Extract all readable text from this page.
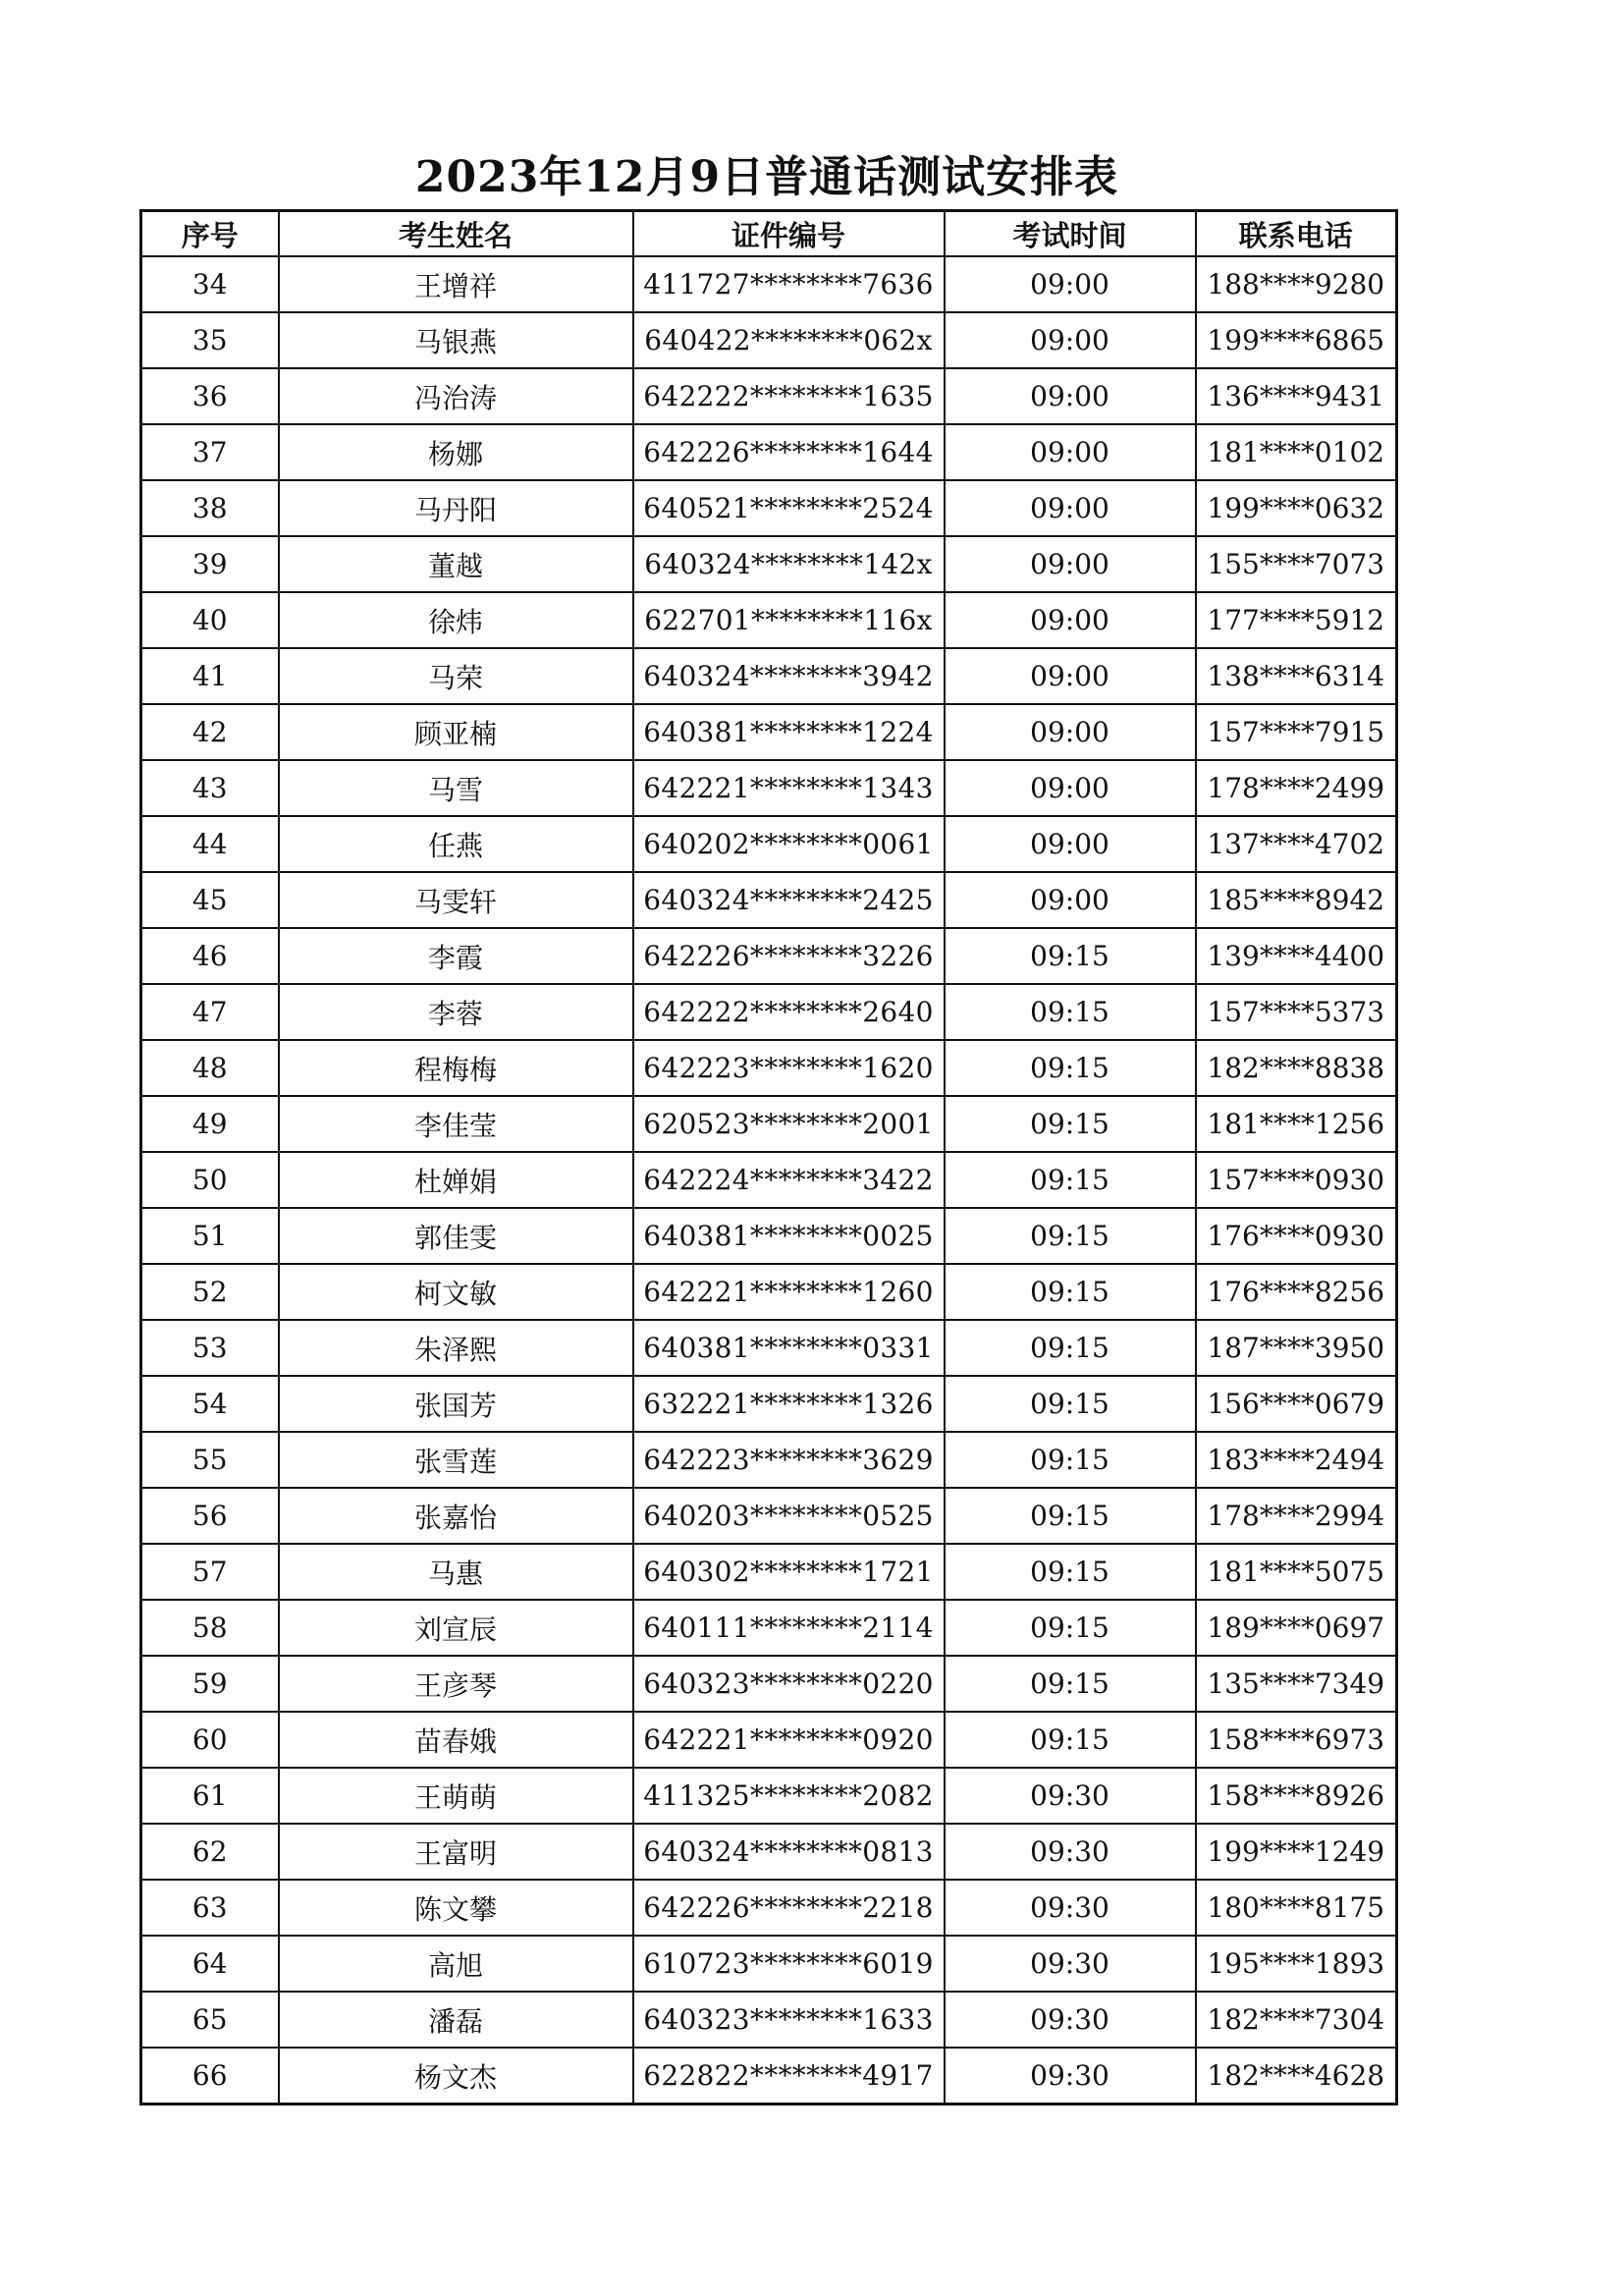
2023年12月9日普通话测试安排表
序号	考生姓名	证件编号	考试时间	联系电话
34	王增祥	411727********7636	09:00	188****9280
35	马银燕	640422********062x	09:00	199****6865
36	冯治涛	642222********1635	09:00	136****9431
37	杨娜	642226********1644	09:00	181****0102
38	马丹阳	640521********2524	09:00	199****0632
39	董越	640324********142x	09:00	155****7073
40	徐炜	622701********116x	09:00	177****5912
41	马荣	640324********3942	09:00	138****6314
42	顾亚楠	640381********1224	09:00	157****7915
43	马雪	642221********1343	09:00	178****2499
44	任燕	640202********0061	09:00	137****4702
45	马雯轩	640324********2425	09:00	185****8942
46	李霞	642226********3226	09:15	139****4400
47	李蓉	642222********2640	09:15	157****5373
48	程梅梅	642223********1620	09:15	182****8838
49	李佳莹	620523********2001	09:15	181****1256
50	杜婵娟	642224********3422	09:15	157****0930
51	郭佳雯	640381********0025	09:15	176****0930
52	柯文敏	642221********1260	09:15	176****8256
53	朱泽熙	640381********0331	09:15	187****3950
54	张国芳	632221********1326	09:15	156****0679
55	张雪莲	642223********3629	09:15	183****2494
56	张嘉怡	640203********0525	09:15	178****2994
57	马惠	640302********1721	09:15	181****5075
58	刘宣辰	640111********2114	09:15	189****0697
59	王彦琴	640323********0220	09:15	135****7349
60	苗春娥	642221********0920	09:15	158****6973
61	王萌萌	411325********2082	09:30	158****8926
62	王富明	640324********0813	09:30	199****1249
63	陈文攀	642226********2218	09:30	180****8175
64	高旭	610723********6019	09:30	195****1893
65	潘磊	640323********1633	09:30	182****7304
66	杨文杰	622822********4917	09:30	182****4628
